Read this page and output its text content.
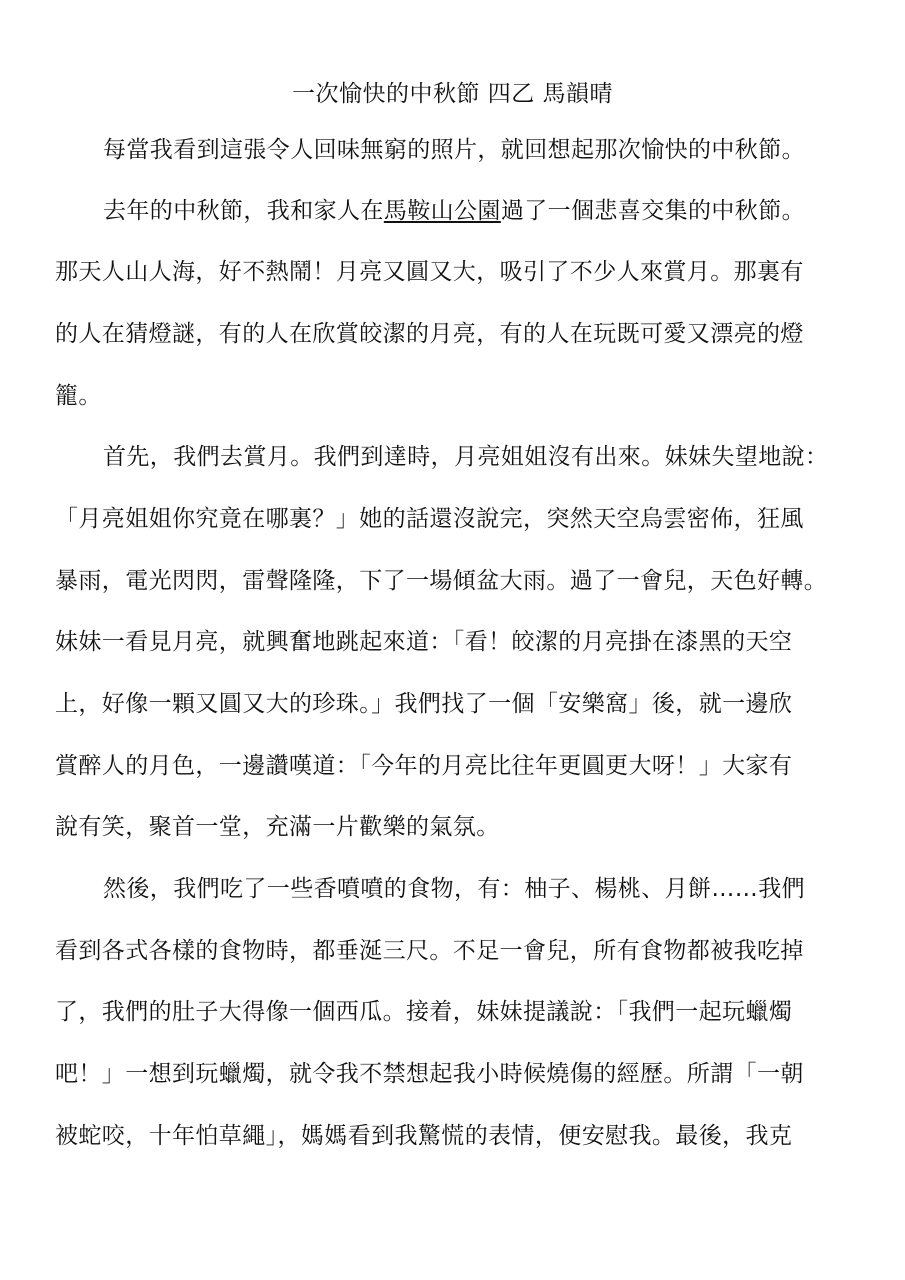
一次愉快的中秋節 四乙 馬韻晴
每當我看到這張令人回味無窮的照片，就回想起那次愉快的中秋節。
去年的中秋節，我和家人在馬鞍山公園過了一個悲喜交集的中秋節。
那天人山人海，好不熱鬧！月亮又圓又大，吸引了不少人來賞月。那裏有
的人在猜燈謎，有的人在欣賞皎潔的月亮，有的人在玩既可愛又漂亮的燈
籠。
首先，我們去賞月。我們到達時，月亮姐姐沒有出來。妹妹失望地說：
「月亮姐姐你究竟在哪裏？」她的話還沒說完，突然天空烏雲密佈，狂風
暴雨，電光閃閃，雷聲隆隆，下了一場傾盆大雨。過了一會兒，天色好轉。
妹妹一看見月亮，就興奮地跳起來道：「看！皎潔的月亮掛在漆黑的天空
上，好像一顆又圓又大的珍珠。」我們找了一個「安樂窩」後，就一邊欣
賞醉人的月色，一邊讚嘆道：「今年的月亮比往年更圓更大呀！」大家有
說有笑，聚首一堂，充滿一片歡樂的氣氛。
然後，我們吃了一些香噴噴的食物，有：柚子、楊桃、月餅……我們
看到各式各樣的食物時，都垂涎三尺。不足一會兒，所有食物都被我吃掉
了，我們的肚子大得像一個西瓜。接着，妹妹提議說：「我們一起玩蠟燭
吧！」一想到玩蠟燭，就令我不禁想起我小時候燒傷的經歷。所謂「一朝
被蛇咬，十年怕草繩」，媽媽看到我驚慌的表情，便安慰我。最後，我克
